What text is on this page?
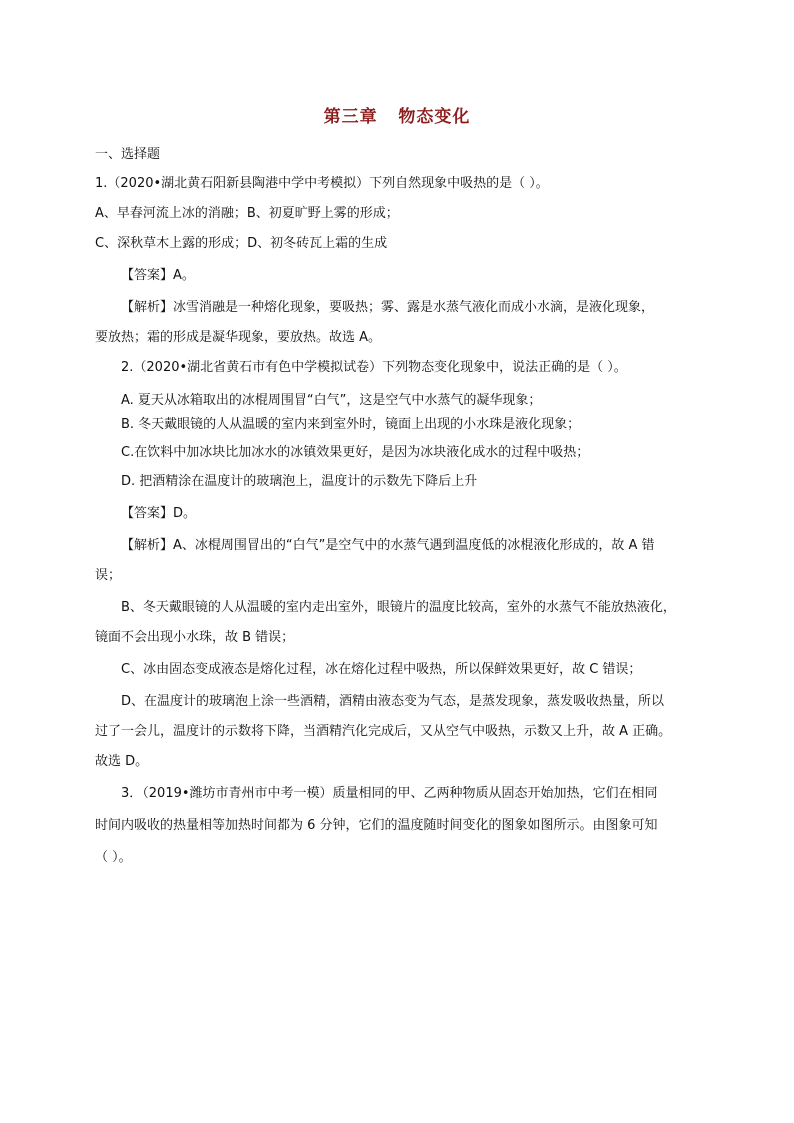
第三章   物态变化
一、选择题
1.（2020•湖北黄石阳新县陶港中学中考模拟）下列自然现象中吸热的是（ ）。
A、早春河流上冰的消融；B、初夏旷野上雾的形成；
C、深秋草木上露的形成；D、初冬砖瓦上霜的生成
【答案】A。
【解析】冰雪消融是一种熔化现象，要吸热；雾、露是水蒸气液化而成小水滴，是液化现象，
要放热；霜的形成是凝华现象，要放热。故选 A。
2.（2020•湖北省黄石市有色中学模拟试卷）下列物态变化现象中，说法正确的是（ ）。
A. 夏天从冰箱取出的冰棍周围冒“白气”，这是空气中水蒸气的凝华现象；
B. 冬天戴眼镜的人从温暖的室内来到室外时，镜面上出现的小水珠是液化现象；
C.在饮料中加冰块比加冰水的冰镇效果更好，是因为冰块液化成水的过程中吸热；
D. 把酒精涂在温度计的玻璃泡上，温度计的示数先下降后上升
【答案】D。
【解析】A、冰棍周围冒出的“白气”是空气中的水蒸气遇到温度低的冰棍液化形成的，故 A 错
误；
B、冬天戴眼镜的人从温暖的室内走出室外，眼镜片的温度比较高，室外的水蒸气不能放热液化，
镜面不会出现小水珠，故 B 错误；
C、冰由固态变成液态是熔化过程，冰在熔化过程中吸热，所以保鲜效果更好，故 C 错误；
D、在温度计的玻璃泡上涂一些酒精，酒精由液态变为气态，是蒸发现象，蒸发吸收热量，所以
过了一会儿，温度计的示数将下降，当酒精汽化完成后，又从空气中吸热，示数又上升，故 A 正确。
故选 D。
3．（2019•潍坊市青州市中考一模）质量相同的甲、乙两种物质从固态开始加热，它们在相同
时间内吸收的热量相等加热时间都为 6 分钟，它们的温度随时间变化的图象如图所示。由图象可知
（ ）。
